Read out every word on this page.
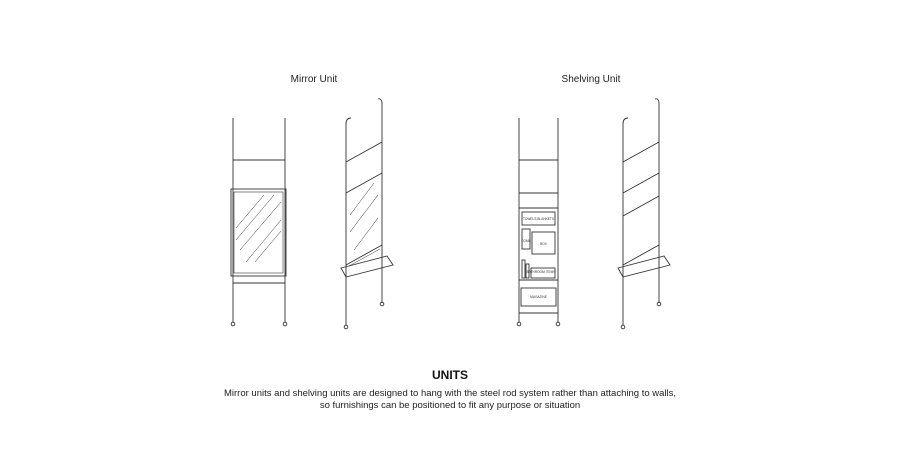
Mirror Unit	Shelving Unit
TOWELS,BLANKETS
COMB
BOX
BATHROOM ITEMS
MAGAZINE
UNITS
Mirror units and shelving units are designed to hang with the steel rod system rather than attaching to walls,
so furnishings can be positioned to fit any purpose or situation
